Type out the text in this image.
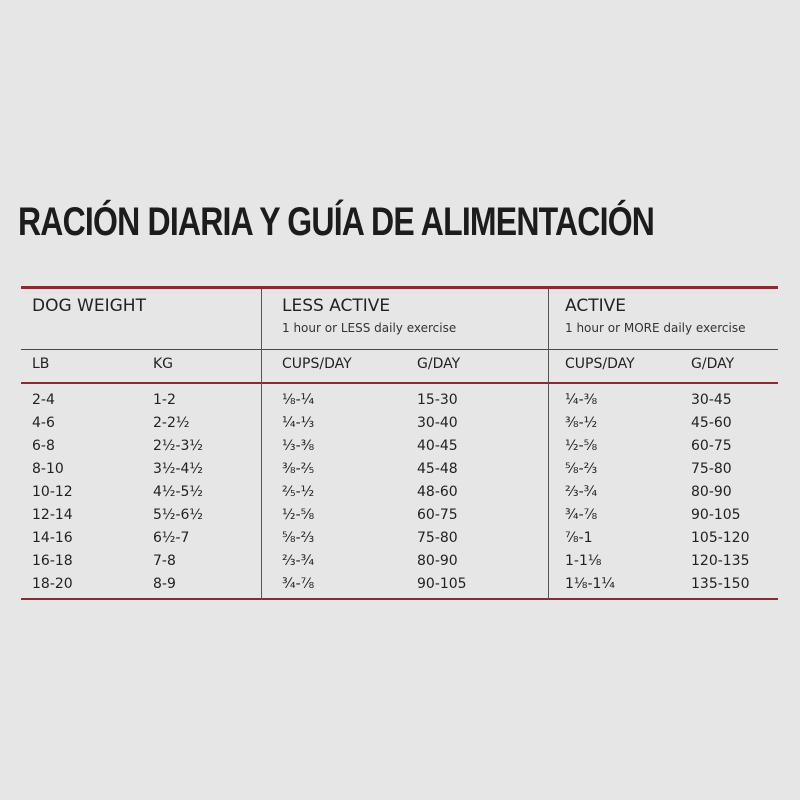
RACIÓN DIARIA Y GUÍA DE ALIMENTACIÓN
DOG WEIGHT	LESS ACTIVE
1 hour or LESS daily exercise
ACTIVE
1 hour or MORE daily exercise
LB	KG	CUPS/DAY	G/DAY	CUPS/DAY	G/DAY
2-4	1-2	⅛-¼	15-30	¼-⅜	30-45
4-6	2-2½	¼-⅓	30-40	⅜-½	45-60
6-8	2½-3½	⅓-⅜	40-45	½-⅝	60-75
8-10	3½-4½	⅜-²⁄₅	45-48	⅝-⅔	75-80
10-12	4½-5½	²⁄₅-½	48-60	⅔-¾	80-90
12-14	5½-6½	½-⅝	60-75	¾-⅞	90-105
14-16	6½-7	⅝-⅔	75-80	⅞-1	105-120
16-18	7-8	⅔-¾	80-90	1-1⅛	120-135
18-20	8-9	¾-⅞	90-105	1⅛-1¼	135-150
